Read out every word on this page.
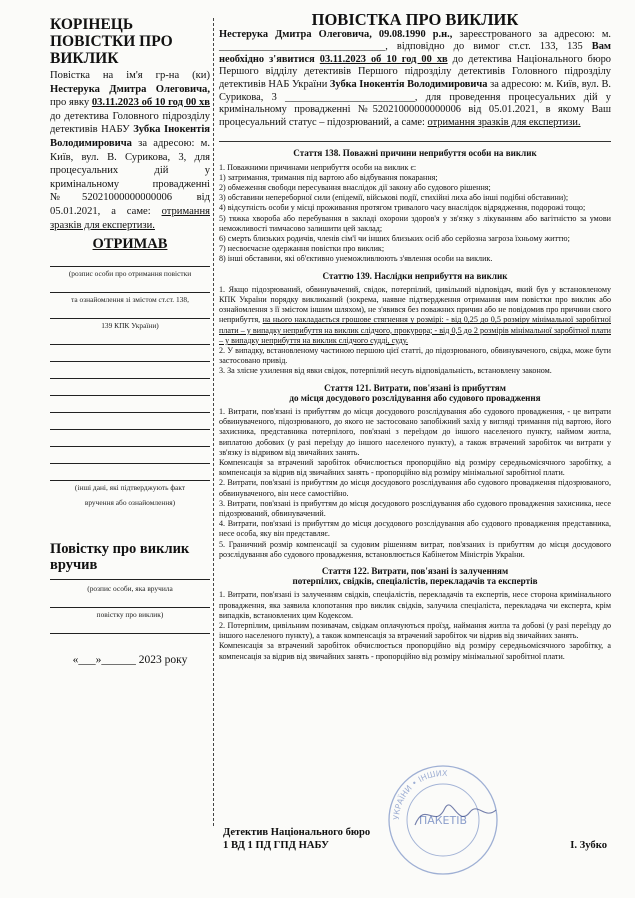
КОРІНЕЦЬ ПОВІСТКИ ПРО ВИКЛИК

Повістка на ім'я гр-на (ки) Нестерука Дмитра Олеговича, про явку 03.11.2023 об 10 год 00 хв до детектива Головного підрозділу детективів НАБУ Зубка Інокентія Володимировича за адресою: м. Київ, вул. В. Сурикова, 3, для процесуальних дій у кримінальному провадженні №52021000000000006 від 05.01.2021, а саме: отримання зразків для експертизи.

ОТРИМАВ
(розпис особи про отримання повістки
та ознайомлення зі змістом ст.ст. 138,
139 КПК України)
(інші дані, які підтверджують факт
вручення або ознайомлення)
Повістку про виклик вручив
(розпис особи, яка вручила
повістку про виклик)
«___»______ 2023 року
ПОВІСТКА ПРО ВИКЛИК

Нестерука Дмитра Олеговича, 09.08.1990 р.н., зареєстрованого за адресою: м. ________________________________, відповідно до вимог ст.ст. 133, 135 Вам необхідно з'явитися 03.11.2023 об 10 год 00 хв до детектива Національного бюро Першого відділу детективів Першого підрозділу детективів Головного підрозділу детективів НАБ України Зубка Інокентія Володимировича за адресою: м. Київ, вул. В. Сурикова, 3 _________________________, для проведення процесуальних дій у кримінальному провадженні №52021000000000006 від 05.01.2021, в якому Ваш процесуальний статус – підозрюваний, а саме: отримання зразків для експертизи.

Стаття 138. Поважні причини неприбуття особи на виклик

1. Поважними причинами неприбуття особи на виклик є:

1) затримання, тримання під вартою або відбування покарання;

2) обмеження свободи пересування внаслідок дії закону або судового рішення;

3) обставини непереборної сили (епідемії, військові події, стихійні лиха або інші подібні обставини);

4) відсутність особи у місці проживання протягом тривалого часу внаслідок відрядження, подорожі тощо;

5) тяжка хвороба або перебування в закладі охорони здоров'я у зв'язку з лікуванням або вагітністю за умови неможливості тимчасово залишити цей заклад;

6) смерть близьких родичів, членів сім'ї чи інших близьких осіб або серйозна загроза їхньому життю;

7) несвоєчасне одержання повістки про виклик;

8) інші обставини, які об'єктивно унеможливлюють з'явлення особи на виклик.

Статтю 139. Наслідки неприбуття на виклик

1. Якщо підозрюваний, обвинувачений, свідок, потерпілий, цивільний відповідач, який був у встановленому КПК України порядку викликаний (зокрема, наявне підтвердження отримання ним повістки про виклик або ознайомлення з її змістом іншим шляхом), не з'явився без поважних причин або не повідомив про причини свого неприбуття, на нього накладається грошове стягнення у розмірі: - від 0,25 до 0,5 розміру мінімальної заробітної плати – у випадку неприбуття на виклик слідчого, прокурора; - від 0,5 до 2 розмірів мінімальної заробітної плати – у випадку неприбуття на виклик слідчого судді, суду.

2. У випадку, встановленому частиною першою цієї статті, до підозрюваного, обвинуваченого, свідка, може бути застосовано привід.

3. За злісне ухилення від явки свідок, потерпілий несуть відповідальність, встановлену законом.

Стаття 121. Витрати, пов'язані із прибуттям
до місця досудового розслідування або судового провадження

1. Витрати, пов'язані із прибуттям до місця досудового розслідування або судового провадження, - це витрати обвинуваченого, підозрюваного, до якого не застосовано запобіжний захід у вигляді тримання під вартою, його захисника, представника потерпілого, пов'язані з переїздом до іншого населеного пункту, наймом житла, виплатою добових (у разі переїзду до іншого населеного пункту), а також втрачений заробіток чи витрати у зв'язку із відривом від звичайних занять.

Компенсація за втрачений заробіток обчислюється пропорційно від розміру середньомісячного заробітку, а компенсація за відрив від звичайних занять - пропорційно від розміру мінімальної заробітної плати.

2. Витрати, пов'язані із прибуттям до місця досудового розслідування або судового провадження підозрюваного, обвинуваченого, вiн несе самостійно.

3. Витрати, пов'язані із прибуттям до місця досудового розслідування або судового провадження захисника, несе підозрюваний, обвинувачений.

4. Витрати, пов'язані із прибуттям до місця досудового розслідування або судового провадження представника, несе особа, яку він представляє.

5. Граничний розмір компенсації за судовим рішенням витрат, пов'язаних із прибуттям до місця досудового розслідування або судового провадження, встановлюється Кабінетом Міністрів України.

Стаття 122. Витрати, пов'язані із залученням
потерпілих, свідків, спеціалістів, перекладачів та експертів

1. Витрати, пов'язані із залученням свідків, спеціалістів, перекладачів та експертів, несе сторона кримінального провадження, яка заявила клопотання про виклик свідків, залучила спеціаліста, перекладача чи експерта, крім випадків, встановлених цим Кодексом.

2. Потерпілим, цивільним позивачам, свідкам оплачуються проїзд, наймання житла та добові (у разі переїзду до іншого населеного пункту), а також компенсація за втрачений заробіток чи відрив від звичайних занять.

Компенсація за втрачений заробіток обчислюється пропорційно від розміру середньомісячного заробітку, а компенсація за відрив від звичайних занять - пропорційно від розміру мінімальної заробітної плати.

УКРАЇНИ • ІНШИХ
ПАКЕТІВ
Детектив Національного бюро
1 ВД 1 ПД ГПД НАБУ	І. Зубко
